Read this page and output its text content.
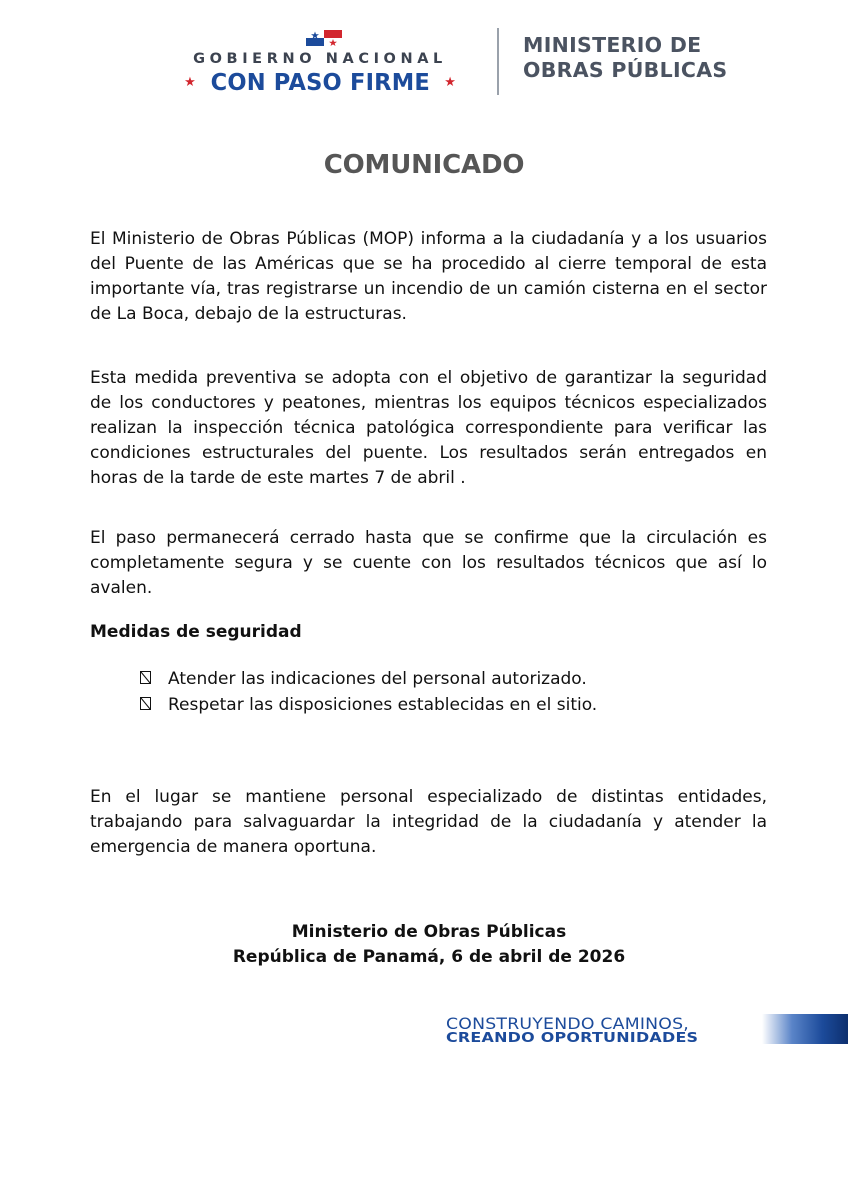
GOBIERNO NACIONAL
★ CON PASO FIRME ★
MINISTERIO DE
OBRAS PÚBLICAS
COMUNICADO

El Ministerio de Obras Públicas (MOP) informa a la ciudadanía y a los usuarios del Puente de las Américas que se ha procedido al cierre temporal de esta importante vía, tras registrarse un incendio de un camión cisterna en el sector de La Boca, debajo de la estructuras.

Esta medida preventiva se adopta con el objetivo de garantizar la seguridad de los conductores y peatones, mientras los equipos técnicos especializados realizan la inspección técnica patológica correspondiente para verificar las condiciones estructurales del puente. Los resultados serán entregados en horas de la tarde de este martes 7 de abril .

El paso permanecerá cerrado hasta que se confirme que la circulación es completamente segura y se cuente con los resultados técnicos que así lo avalen.

Medidas de seguridad
Atender las indicaciones del personal autorizado.
Respetar las disposiciones establecidas en el sitio.

En el lugar se mantiene personal especializado de distintas entidades, trabajando para salvaguardar la integridad de la ciudadanía y atender la emergencia de manera oportuna.

Ministerio de Obras Públicas
República de Panamá, 6 de abril de 2026
CONSTRUYENDO CAMINOS,
CREANDO OPORTUNIDADES
